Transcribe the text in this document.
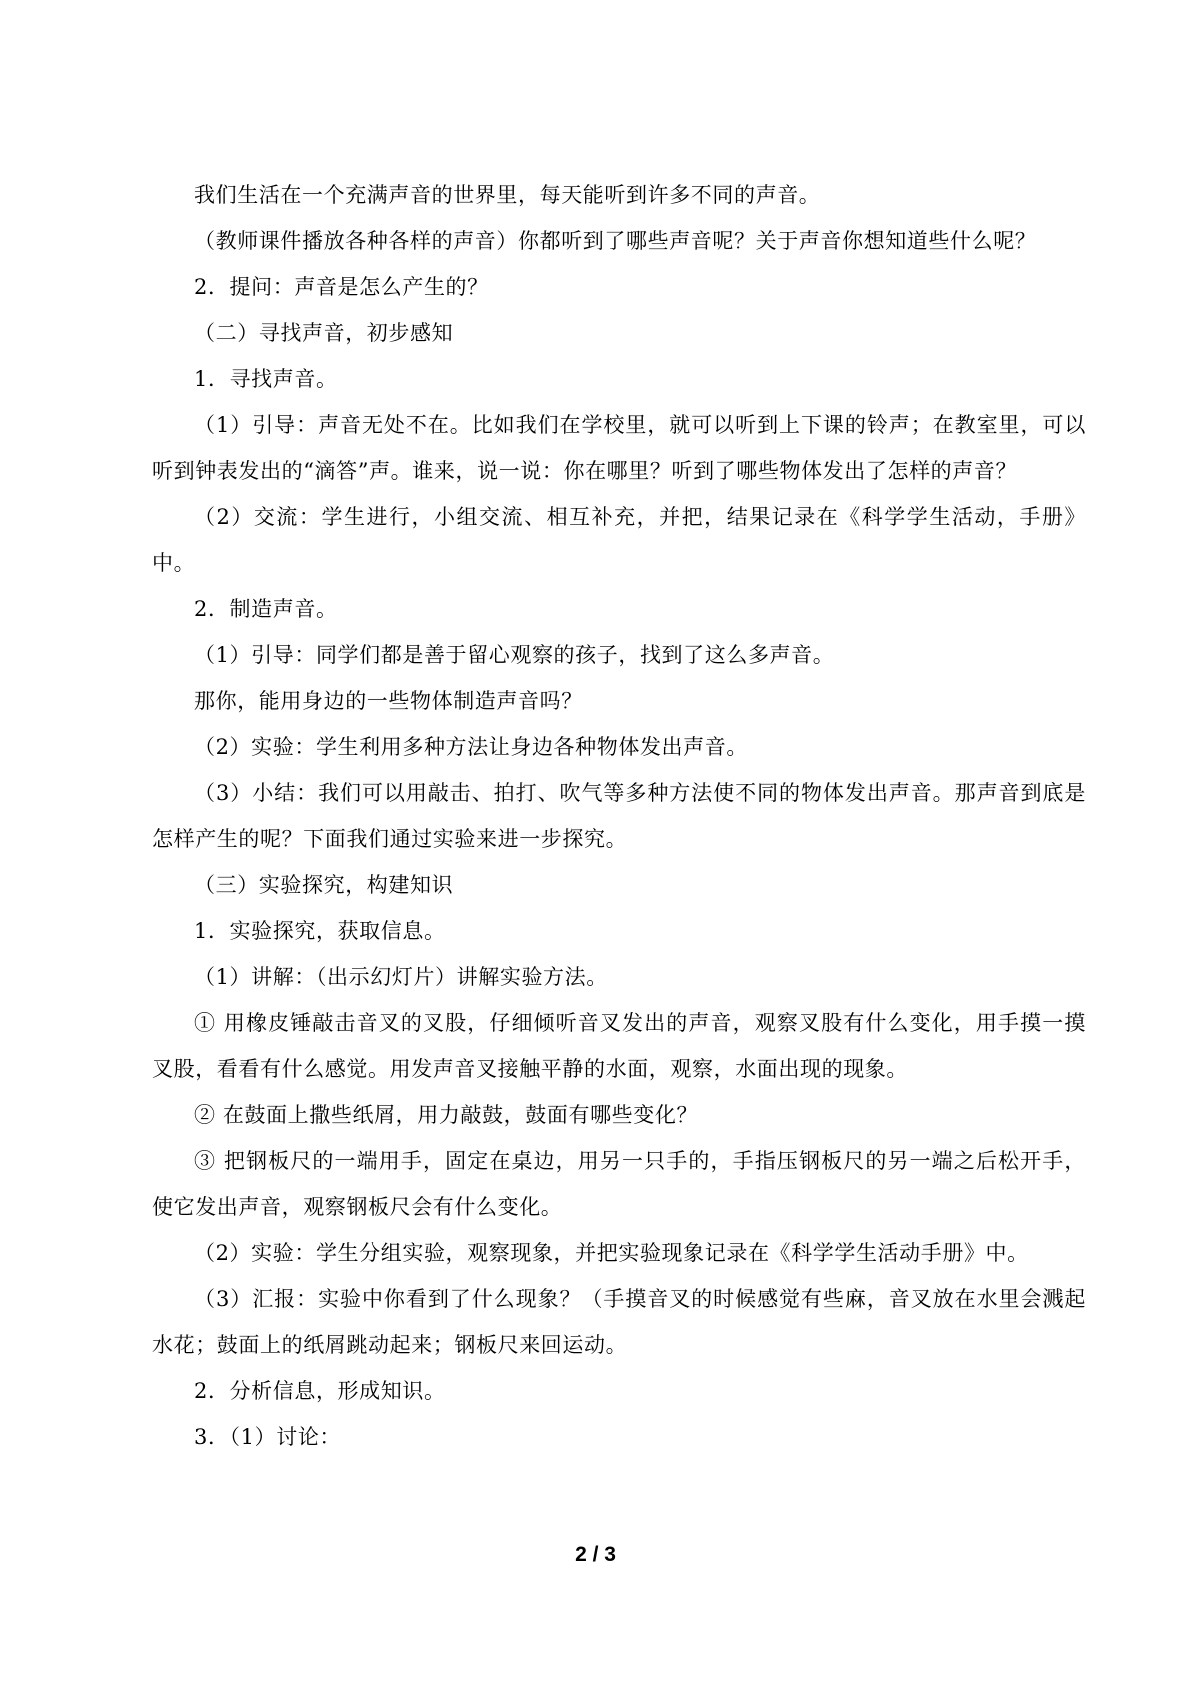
我们生活在一个充满声音的世界里，每天能听到许多不同的声音。

（教师课件播放各种各样的声音）你都听到了哪些声音呢？关于声音你想知道些什么呢？

2．提问：声音是怎么产生的？

（二）寻找声音，初步感知

1．寻找声音。

（1）引导：声音无处不在。比如我们在学校里，就可以听到上下课的铃声；在教室里，可以听到钟表发出的“滴答”声。谁来，说一说：你在哪里？听到了哪些物体发出了怎样的声音？

（2）交流：学生进行，小组交流、相互补充，并把，结果记录在《科学学生活动，手册》中。

2．制造声音。

（1）引导：同学们都是善于留心观察的孩子，找到了这么多声音。

那你，能用身边的一些物体制造声音吗？

（2）实验：学生利用多种方法让身边各种物体发出声音。

（3）小结：我们可以用敲击、拍打、吹气等多种方法使不同的物体发出声音。那声音到底是怎样产生的呢？下面我们通过实验来进一步探究。

（三）实验探究，构建知识

1．实验探究，获取信息。

（1）讲解：（出示幻灯片）讲解实验方法。

① 用橡皮锤敲击音叉的叉股，仔细倾听音叉发出的声音，观察叉股有什么变化，用手摸一摸叉股，看看有什么感觉。用发声音叉接触平静的水面，观察，水面出现的现象。

② 在鼓面上撒些纸屑，用力敲鼓，鼓面有哪些变化？

③ 把钢板尺的一端用手，固定在桌边，用另一只手的，手指压钢板尺的另一端之后松开手，使它发出声音，观察钢板尺会有什么变化。

（2）实验：学生分组实验，观察现象，并把实验现象记录在《科学学生活动手册》中。

（3）汇报：实验中你看到了什么现象？（手摸音叉的时候感觉有些麻，音叉放在水里会溅起水花；鼓面上的纸屑跳动起来；钢板尺来回运动。

2．分析信息，形成知识。

3．（1）讨论：

2 / 3
